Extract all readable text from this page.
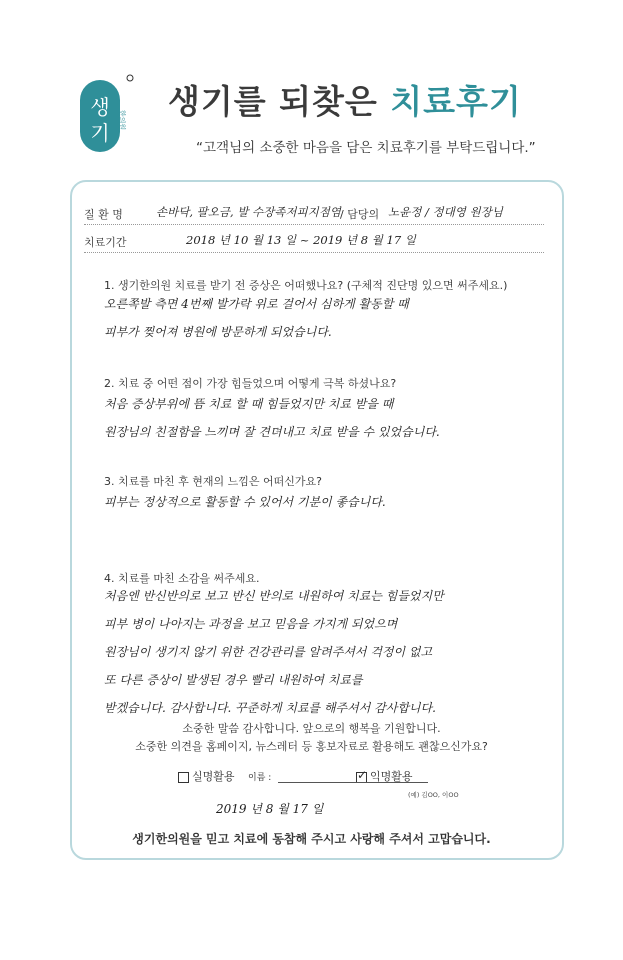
생
기
한의원 생기를 되찾은 치료후기
“고객님의 소중한 마음을 담은 치료후기를 부탁드립니다.”
질 환 명	손바닥, 팔오금, 발 수장족저피지점염 / 담당의 노윤정 / 정대영 원장님
치료기간	2018 년 10 월 13 일 ~ 2019 년 8 월 17 일
1. 생기한의원 치료를 받기 전 증상은 어떠했나요? (구체적 진단명 있으면 써주세요.)
오른쪽발 측면 4번째 발가락 위로 걸어서 심하게 활동할 때
피부가 찢어져 병원에 방문하게 되었습니다.
2. 치료 중 어떤 점이 가장 힘들었으며 어떻게 극복 하셨나요?
처음 증상부위에 뜸 치료 할 때 힘들었지만 치료 받을 때
원장님의 친절함을 느끼며 잘 견뎌내고 치료 받을 수 있었습니다.
3. 치료를 마친 후 현재의 느낌은 어떠신가요?
피부는 정상적으로 활동할 수 있어서 기분이 좋습니다.
4. 치료를 마친 소감을 써주세요.
처음엔 반신반의로 보고 반신 반의로 내원하여 치료는 힘들었지만
피부 병이 나아지는 과정을 보고 믿음을 가지게 되었으며
원장님이 생기지 않기 위한 건강관리를 알려주셔서 걱정이 없고
또 다른 증상이 발생된 경우 빨리 내원하여 치료를
받겠습니다. 감사합니다. 꾸준하게 치료를 해주셔서 감사합니다.
소중한 말씀 감사합니다. 앞으로의 행복을 기원합니다.
소중한 의견을 홈페이지, 뉴스레터 등 홍보자료로 활용해도 괜찮으신가요?
실명활용 이름 :	✓ 익명활용
(예) 김OO, 이OO
2019 년 8 월 17 일
생기한의원을 믿고 치료에 동참해 주시고 사랑해 주셔서 고맙습니다.
